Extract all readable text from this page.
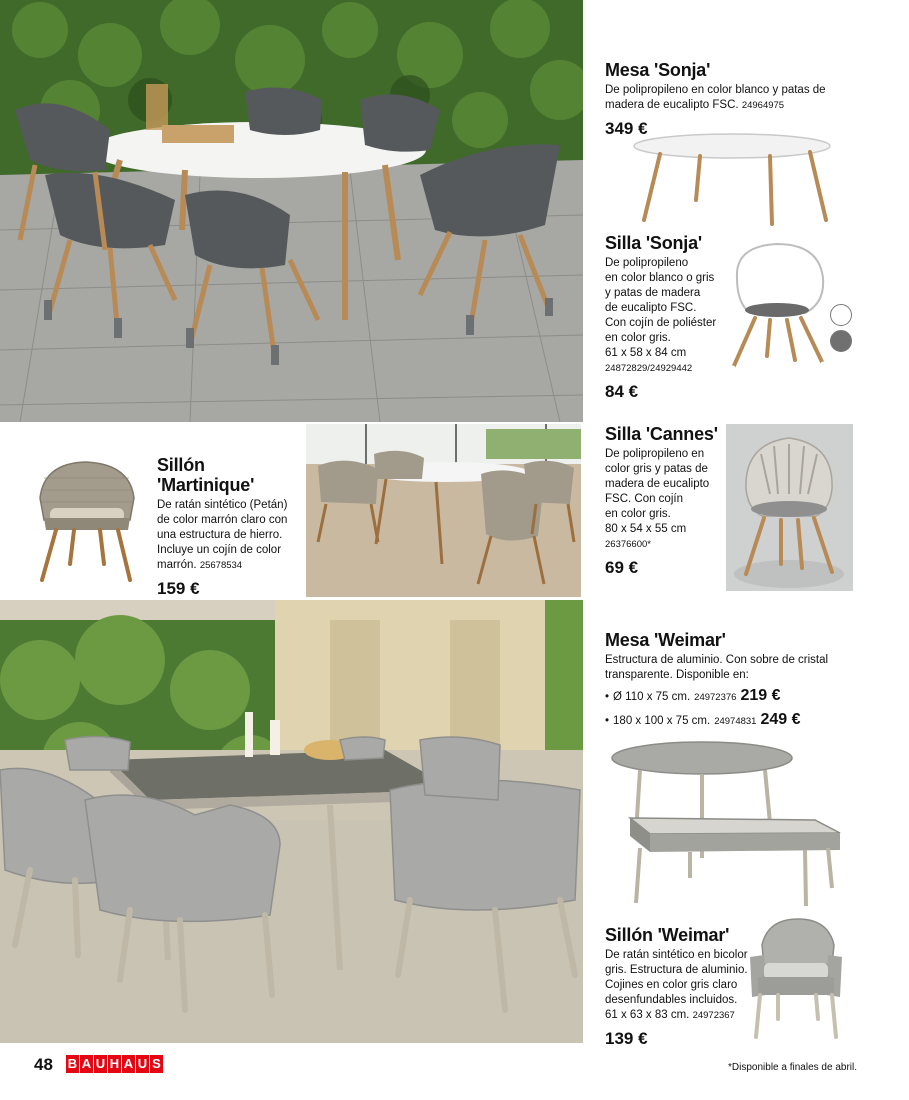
Mesa 'Sonja'
De polipropileno en color blanco y patas de madera de eucalipto FSC. 24964975
349 €
Silla 'Sonja'
De polipropileno
en color blanco o gris
y patas de madera
de eucalipto FSC.
Con cojín de poliéster
en color gris.
61 x 58 x 84 cm
24872829/24929442
84 €
Silla 'Cannes'
De polipropileno en
color gris y patas de
madera de eucalipto
FSC. Con cojín
en color gris.
80 x 54 x 55 cm
26376600*
69 €
Sillón 'Martinique'
De ratán sintético (Petán)
de color marrón claro con
una estructura de hierro.
Incluye un cojín de color
marrón. 25678534
159 €
Mesa 'Weimar'
Estructura de aluminio. Con sobre de cristal
transparente. Disponible en:
• Ø 110 x 75 cm. 24972376 219 €
• 180 x 100 x 75 cm. 24974831 249 €
Sillón 'Weimar'
De ratán sintético en bicolor
gris. Estructura de aluminio.
Cojines en color gris claro
desenfundables incluidos.
61 x 63 x 83 cm. 24972367
139 €
48 B A U H A U S	*Disponible a finales de abril.
